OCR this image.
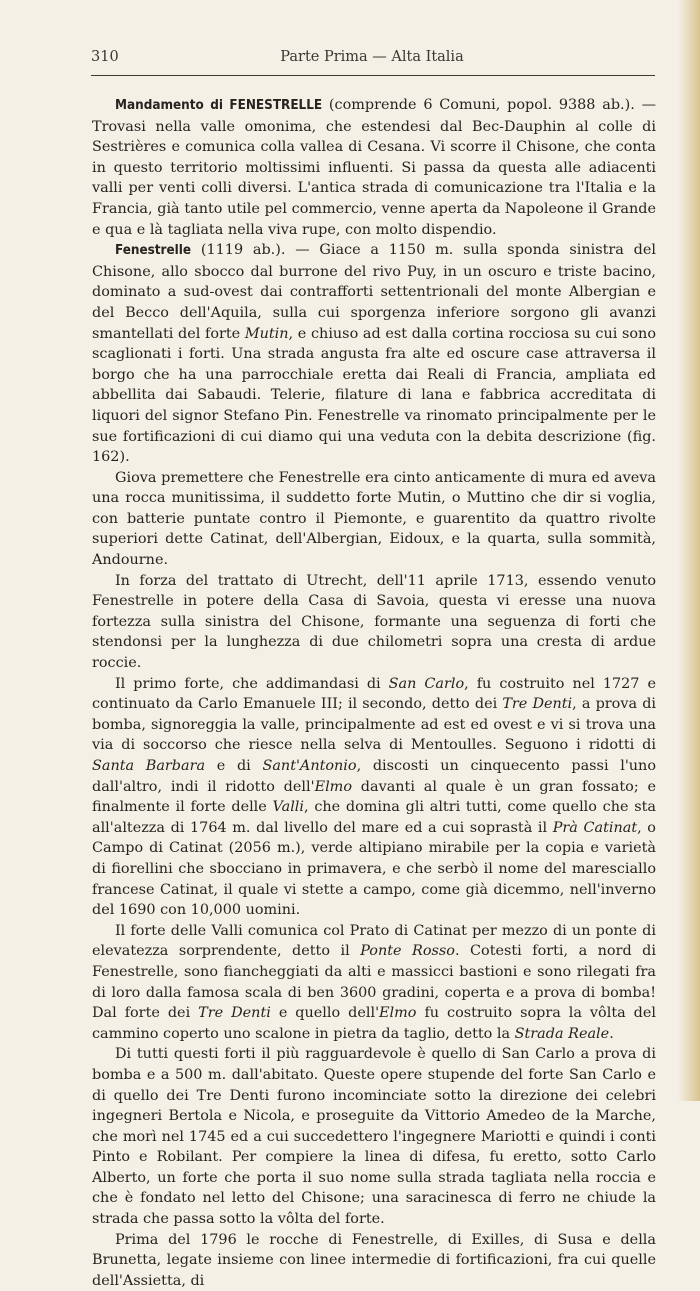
310	Parte Prima — Alta Italia

Mandamento di FENESTRELLE (comprende 6 Comuni, popol. 9388 ab.). — Trovasi nella valle omonima, che estendesi dal Bec-Dauphin al colle di Sestrières e comunica colla vallea di Cesana. Vi scorre il Chisone, che conta in questo territorio moltissimi influenti. Si passa da questa alle adiacenti valli per venti colli diversi. L'antica strada di comunicazione tra l'Italia e la Francia, già tanto utile pel commercio, venne aperta da Napoleone il Grande e qua e là tagliata nella viva rupe, con molto dispendio.

Fenestrelle (1119 ab.). — Giace a 1150 m. sulla sponda sinistra del Chisone, allo sbocco dal burrone del rivo Puy, in un oscuro e triste bacino, dominato a sud-ovest dai contrafforti settentrionali del monte Albergian e del Becco dell'Aquila, sulla cui sporgenza inferiore sorgono gli avanzi smantellati del forte Mutin, e chiuso ad est dalla cortina rocciosa su cui sono scaglionati i forti. Una strada angusta fra alte ed oscure case attraversa il borgo che ha una parrocchiale eretta dai Reali di Francia, ampliata ed abbellita dai Sabaudi. Telerie, filature di lana e fabbrica accreditata di liquori del signor Stefano Pin. Fenestrelle va rinomato principalmente per le sue fortificazioni di cui diamo qui una veduta con la debita descrizione (fig. 162).

Giova premettere che Fenestrelle era cinto anticamente di mura ed aveva una rocca munitissima, il suddetto forte Mutin, o Muttino che dir si voglia, con batterie puntate contro il Piemonte, e guarentito da quattro rivolte superiori dette Catinat, dell'Albergian, Eidoux, e la quarta, sulla sommità, Andourne.

In forza del trattato di Utrecht, dell'11 aprile 1713, essendo venuto Fenestrelle in potere della Casa di Savoia, questa vi eresse una nuova fortezza sulla sinistra del Chisone, formante una seguenza di forti che stendonsi per la lunghezza di due chilometri sopra una cresta di ardue roccie.

Il primo forte, che addimandasi di San Carlo, fu costruito nel 1727 e continuato da Carlo Emanuele III; il secondo, detto dei Tre Denti, a prova di bomba, signoreggia la valle, principalmente ad est ed ovest e vi si trova una via di soccorso che riesce nella selva di Mentoulles. Seguono i ridotti di Santa Barbara e di Sant'Antonio, discosti un cinquecento passi l'uno dall'altro, indi il ridotto dell'Elmo davanti al quale è un gran fossato; e finalmente il forte delle Valli, che domina gli altri tutti, come quello che sta all'altezza di 1764 m. dal livello del mare ed a cui soprastà il Prà Catinat, o Campo di Catinat (2056 m.), verde altipiano mirabile per la copia e varietà di fiorellini che sbocciano in primavera, e che serbò il nome del maresciallo francese Catinat, il quale vi stette a campo, come già dicemmo, nell'inverno del 1690 con 10,000 uomini.

Il forte delle Valli comunica col Prato di Catinat per mezzo di un ponte di elevatezza sorprendente, detto il Ponte Rosso. Cotesti forti, a nord di Fenestrelle, sono fiancheggiati da alti e massicci bastioni e sono rilegati fra di loro dalla famosa scala di ben 3600 gradini, coperta e a prova di bomba! Dal forte dei Tre Denti e quello dell'Elmo fu costruito sopra la vôlta del cammino coperto uno scalone in pietra da taglio, detto la Strada Reale.

Di tutti questi forti il più ragguardevole è quello di San Carlo a prova di bomba e a 500 m. dall'abitato. Queste opere stupende del forte San Carlo e di quello dei Tre Denti furono incominciate sotto la direzione dei celebri ingegneri Bertola e Nicola, e proseguite da Vittorio Amedeo de la Marche, che morì nel 1745 ed a cui succedettero l'ingegnere Mariotti e quindi i conti Pinto e Robilant. Per compiere la linea di difesa, fu eretto, sotto Carlo Alberto, un forte che porta il suo nome sulla strada tagliata nella roccia e che è fondato nel letto del Chisone; una saracinesca di ferro ne chiude la strada che passa sotto la vôlta del forte.

Prima del 1796 le rocche di Fenestrelle, di Exilles, di Susa e della Brunetta, legate insieme con linee intermedie di fortificazioni, fra cui quelle dell'Assietta, di
